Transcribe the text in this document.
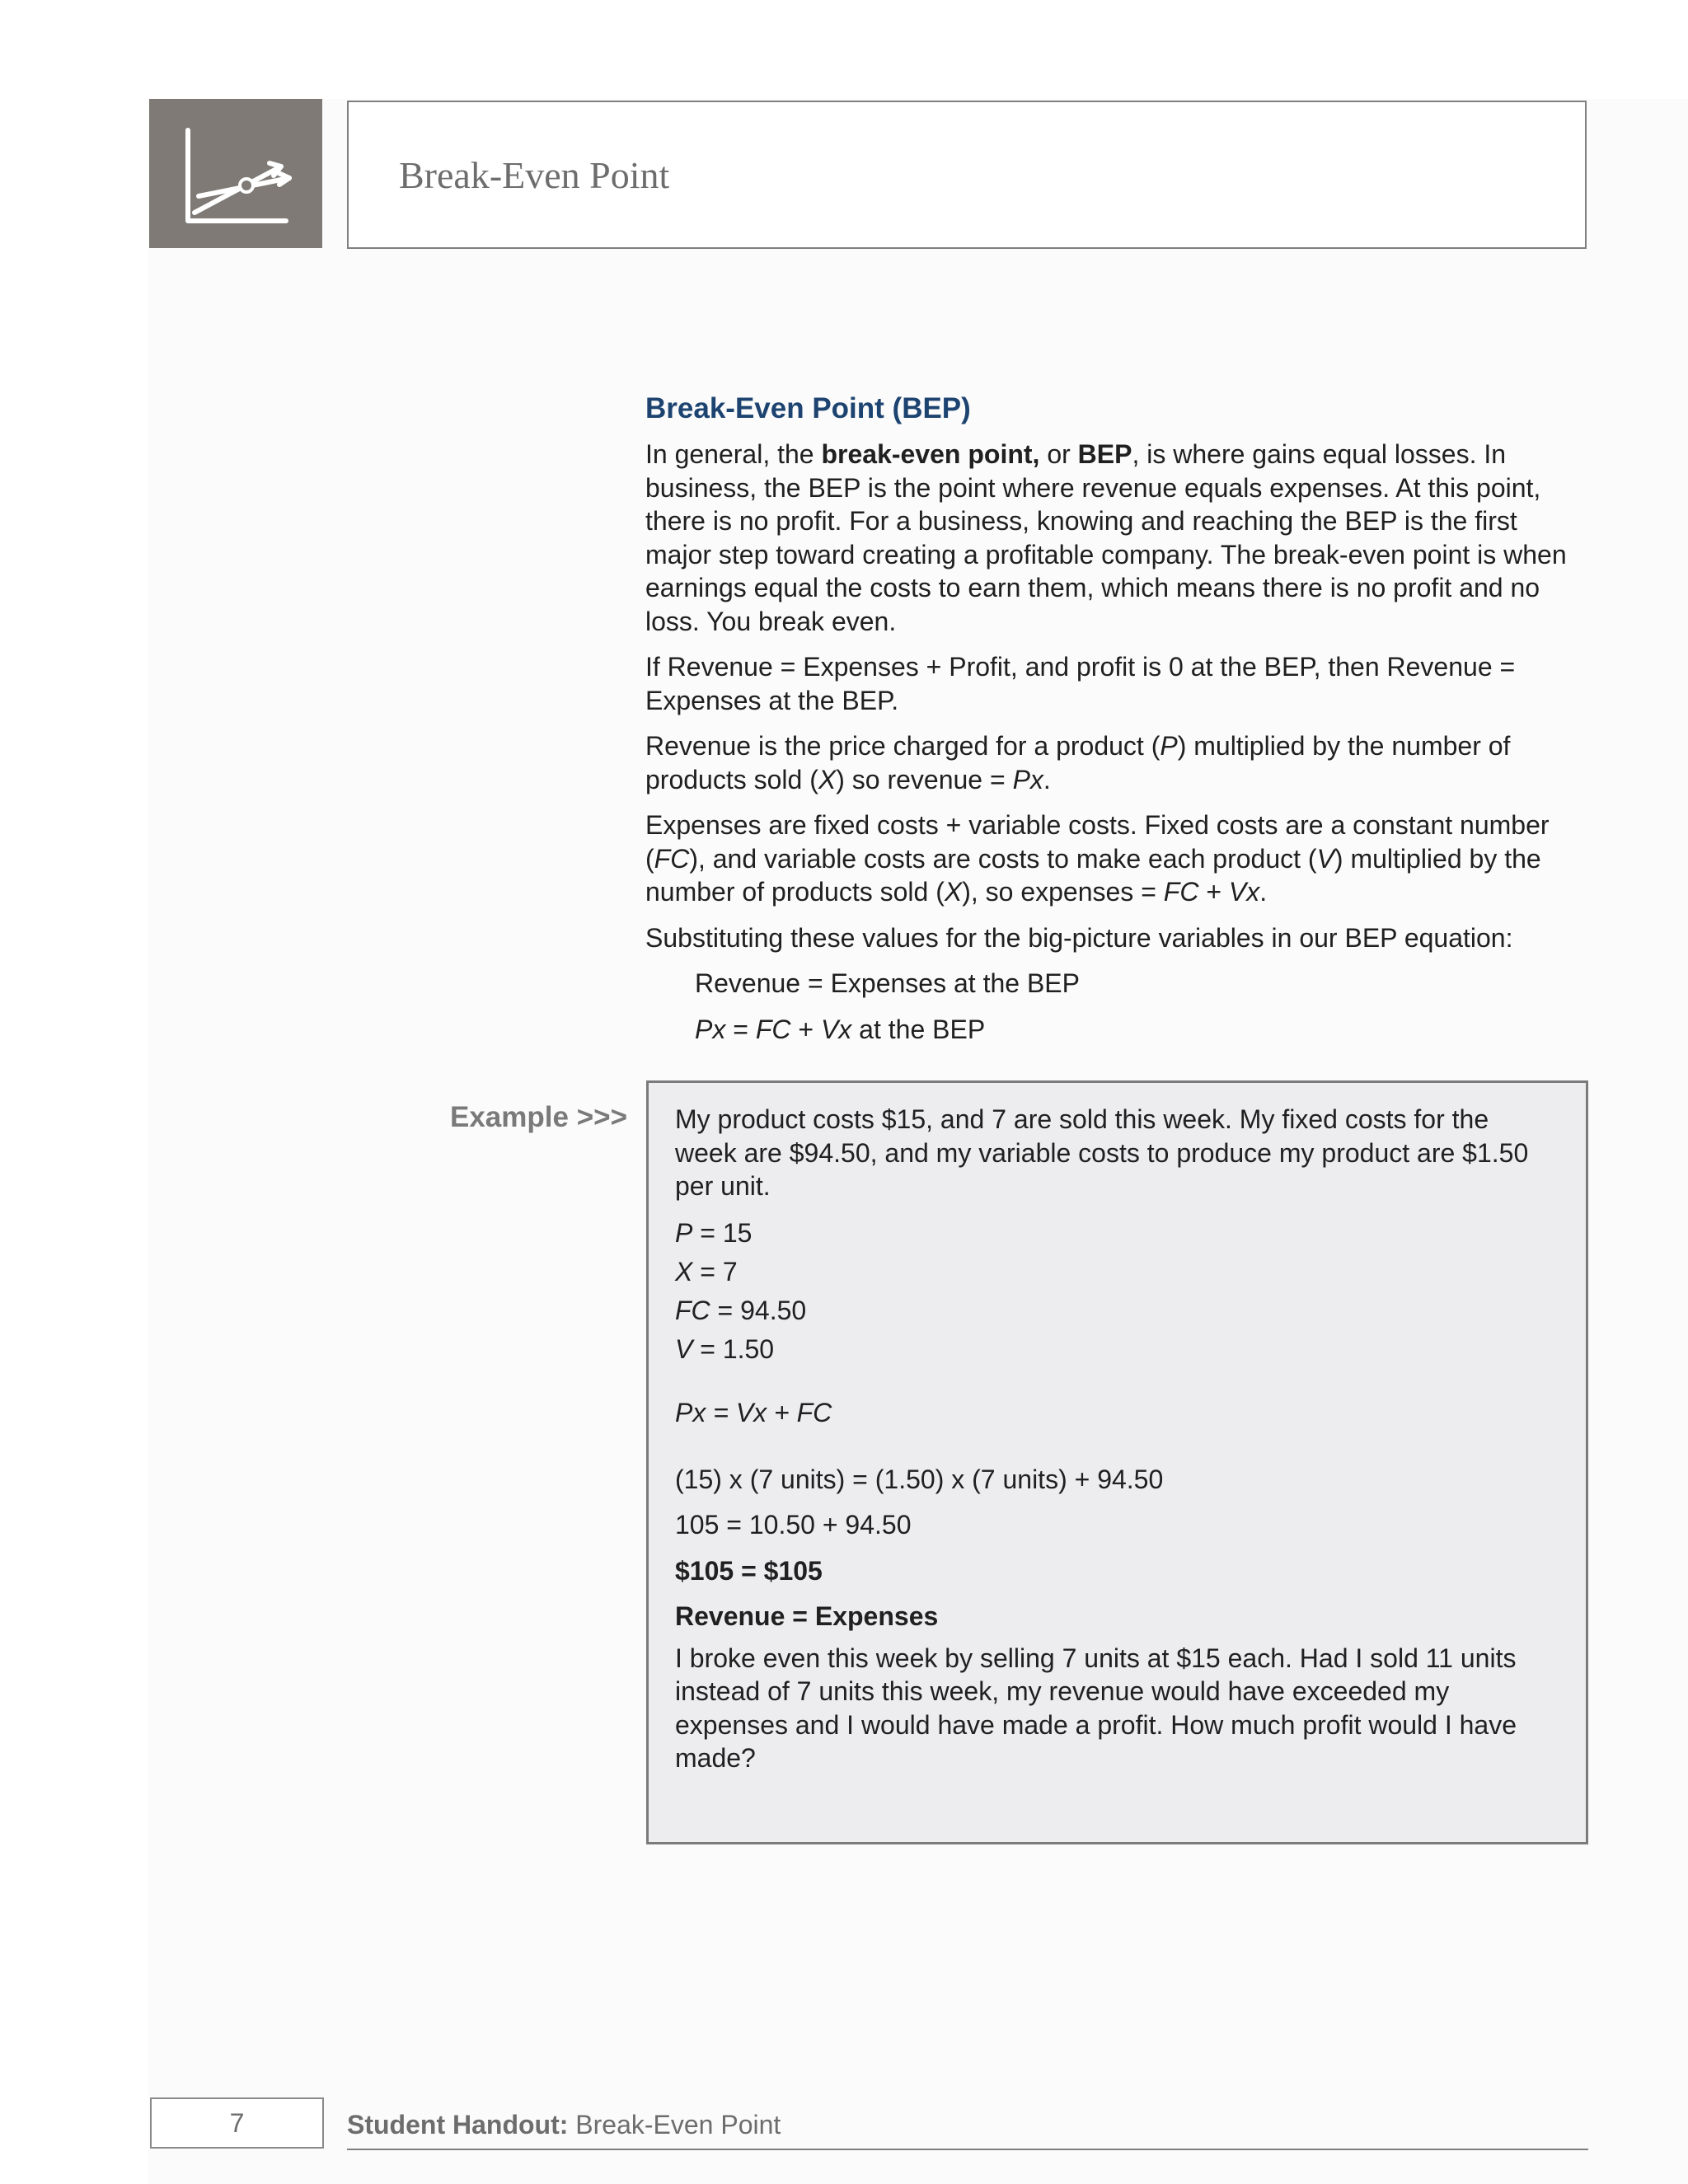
Break-Even Point
Break-Even Point (BEP)

In general, the break-even point, or BEP, is where gains equal losses. In business, the BEP is the point where revenue equals expenses. At this point, there is no profit. For a business, knowing and reaching the BEP is the first major step toward creating a profitable company. The break-even point is when earnings equal the costs to earn them, which means there is no profit and no loss. You break even.

If Revenue = Expenses + Profit, and profit is 0 at the BEP, then Revenue = Expenses at the BEP.

Revenue is the price charged for a product (P) multiplied by the number of products sold (X) so revenue = Px.

Expenses are fixed costs + variable costs. Fixed costs are a constant number (FC), and variable costs are costs to make each product (V) multiplied by the number of products sold (X), so expenses = FC + Vx.

Substituting these values for the big-picture variables in our BEP equation:

Revenue = Expenses at the BEP

Px = FC + Vx at the BEP

Example >>> My product costs $15, and 7 are sold this week. My fixed costs for the week are $94.50, and my variable costs to produce my product are $1.50 per unit.

P = 15

X = 7

FC = 94.50

V = 1.50

Px = Vx + FC

(15) x (7 units) = (1.50) x (7 units) + 94.50

105 = 10.50 + 94.50

$105 = $105

Revenue = Expenses

I broke even this week by selling 7 units at $15 each. Had I sold 11 units instead of 7 units this week, my revenue would have exceeded my expenses and I would have made a profit. How much profit would I have made?

7	Student Handout: Break-Even Point
